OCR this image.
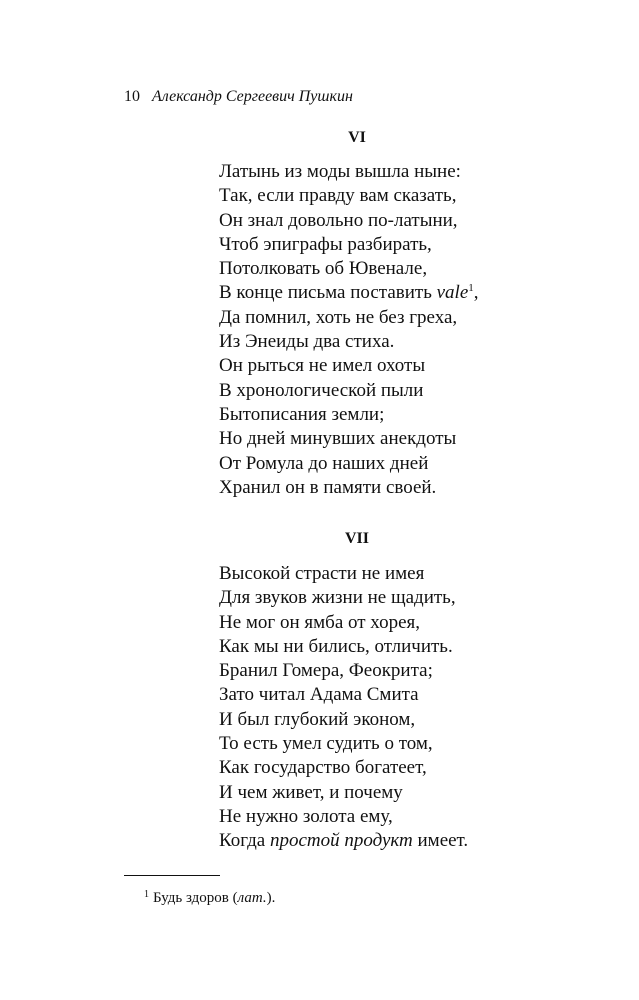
10 Александр Сергеевич Пушкин
VI
Латынь из моды вышла ныне:
Так, если правду вам сказать,
Он знал довольно по-латыни,
Чтоб эпиграфы разбирать,
Потолковать об Ювенале,
В конце письма поставить vale$^1$,
Да помнил, хоть не без греха,
Из Энеиды два стиха.
Он рыться не имел охоты
В хронологической пыли
Бытописания земли;
Но дней минувших анекдоты
От Ромула до наших дней
Хранил он в памяти своей.
VII
Высокой страсти не имея
Для звуков жизни не щадить,
Не мог он ямба от хорея,
Как мы ни бились, отличить.
Бранил Гомера, Феокрита;
Зато читал Адама Смита
И был глубокий эконом,
То есть умел судить о том,
Как государство богатеет,
И чем живет, и почему
Не нужно золота ему,
Когда простой продукт имеет.
$^1$ Будь здоров (лат.).
